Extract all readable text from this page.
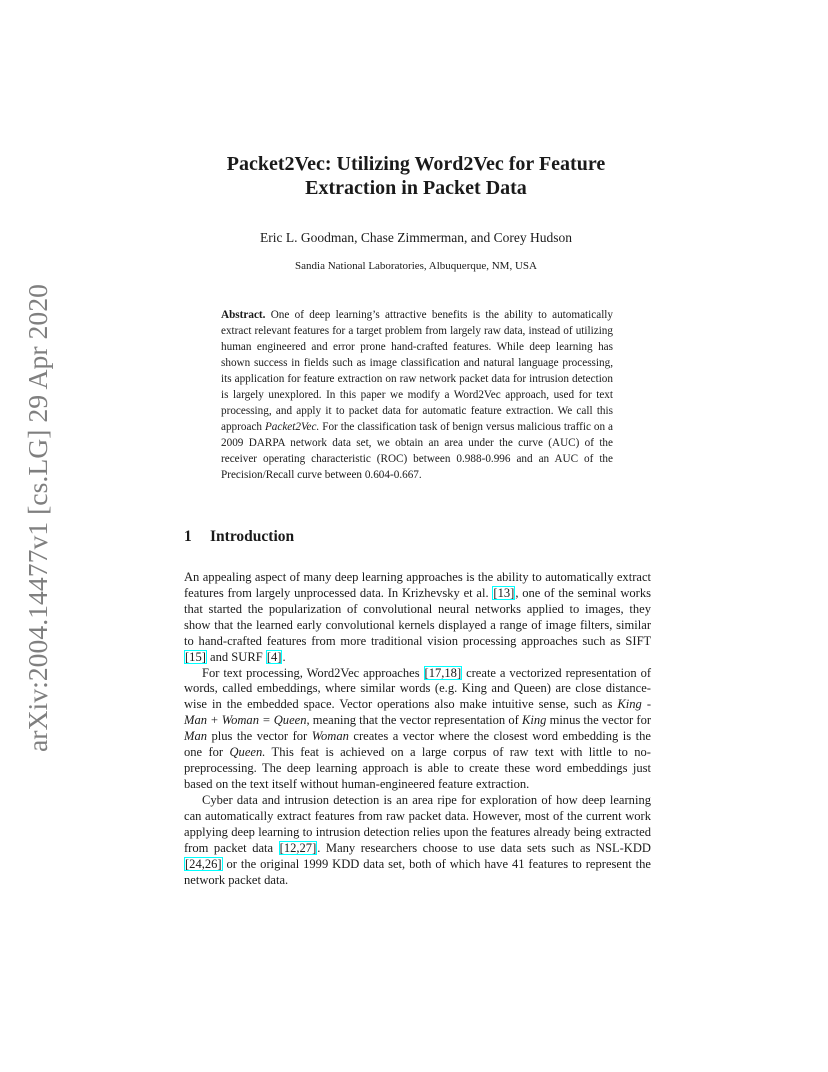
arXiv:2004.14477v1 [cs.LG] 29 Apr 2020
Packet2Vec: Utilizing Word2Vec for Feature
Extraction in Packet Data
Eric L. Goodman, Chase Zimmerman, and Corey Hudson
Sandia National Laboratories, Albuquerque, NM, USA
Abstract. One of deep learning’s attractive benefits is the ability to automatically extract relevant features for a target problem from largely raw data, instead of utilizing human engineered and error prone hand-crafted features. While deep learning has shown success in fields such as image classification and natural language processing, its application for feature extraction on raw network packet data for intrusion detection is largely unexplored. In this paper we modify a Word2Vec approach, used for text processing, and apply it to packet data for automatic feature extraction. We call this approach Packet2Vec. For the classification task of benign versus malicious traffic on a 2009 DARPA network data set, we obtain an area under the curve (AUC) of the receiver operating characteristic (ROC) between 0.988-0.996 and an AUC of the Precision/Recall curve between 0.604-0.667.
1 Introduction

An appealing aspect of many deep learning approaches is the ability to automatically extract features from largely unprocessed data. In Krizhevsky et al. [13], one of the seminal works that started the popularization of convolutional neural networks applied to images, they show that the learned early convolutional kernels displayed a range of image filters, similar to hand-crafted features from more traditional vision processing approaches such as SIFT [15] and SURF [4].

For text processing, Word2Vec approaches [17,18] create a vectorized representation of words, called embeddings, where similar words (e.g. King and Queen) are close distance-wise in the embedded space. Vector operations also make intuitive sense, such as King - Man + Woman = Queen, meaning that the vector representation of King minus the vector for Man plus the vector for Woman creates a vector where the closest word embedding is the one for Queen. This feat is achieved on a large corpus of raw text with little to no-preprocessing. The deep learning approach is able to create these word embeddings just based on the text itself without human-engineered feature extraction.

Cyber data and intrusion detection is an area ripe for exploration of how deep learning can automatically extract features from raw packet data. However, most of the current work applying deep learning to intrusion detection relies upon the features already being extracted from packet data [12,27]. Many researchers choose to use data sets such as NSL-KDD [24,26] or the original 1999 KDD data set, both of which have 41 features to represent the network packet data.
